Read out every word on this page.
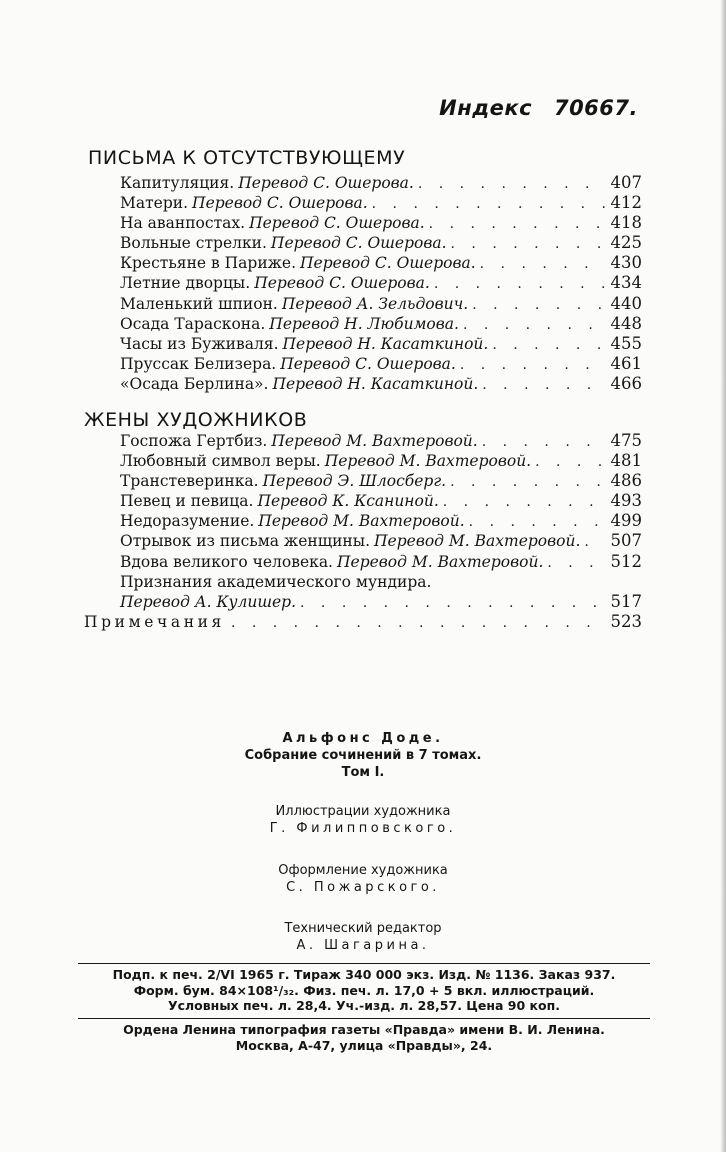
Индекс 70667.
ПИСЬМА К ОТСУТСТВУЮЩЕМУ
Капитуляция. Перевод С. Ошерова. . . .	407
Матери. Перевод С. Ошерова. . . .	412
На аванпостах. Перевод С. Ошерова. . . .	418
Вольные стрелки. Перевод С. Ошерова. . . .	425
Крестьяне в Париже. Перевод С. Ошерова. . . .	430
Летние дворцы. Перевод С. Ошерова. . . .	434
Маленький шпион. Перевод А. Зельдович. . . .	440
Осада Тараскона. Перевод Н. Любимова. . . .	448
Часы из Буживаля. Перевод Н. Касаткиной. . . .	455
Пруссак Белизера. Перевод С. Ошерова. . . .	461
«Осада Берлина». Перевод Н. Касаткиной. . . .	466
ЖЕНЫ ХУДОЖНИКОВ
Госпожа Гертбиз. Перевод М. Вахтеровой. . . .	475
Любовный символ веры. Перевод М. Вахтеровой. . . .	481
Транстеверинка. Перевод Э. Шлосберг. . . .	486
Певец и певица. Перевод К. Ксаниной. . . .	493
Недоразумение. Перевод М. Вахтеровой. . . .	499
Отрывок из письма женщины. Перевод М. Вахтеровой. . . .	507
Вдова великого человека. Перевод М. Вахтеровой. . . .	512
Признания академического мундира.
Перевод А. Кулишер. . . .	517
Примечания . . .	523
Альфонс Доде.
Собрание сочинений в 7 томах.
Том I.
Иллюстрации художника
Г. Филипповского.
Оформление художника
С. Пожарского.
Технический редактор
А. Шагарина.
Подп. к печ. 2/VI 1965 г. Тираж 340 000 экз. Изд. № 1136. Заказ 937.
Форм. бум. 84×108¹/₃₂. Физ. печ. л. 17,0 + 5 вкл. иллюстраций.
Условных печ. л. 28,4. Уч.-изд. л. 28,57. Цена 90 коп.
Ордена Ленина типография газеты «Правда» имени В. И. Ленина.
Москва, А-47, улица «Правды», 24.
